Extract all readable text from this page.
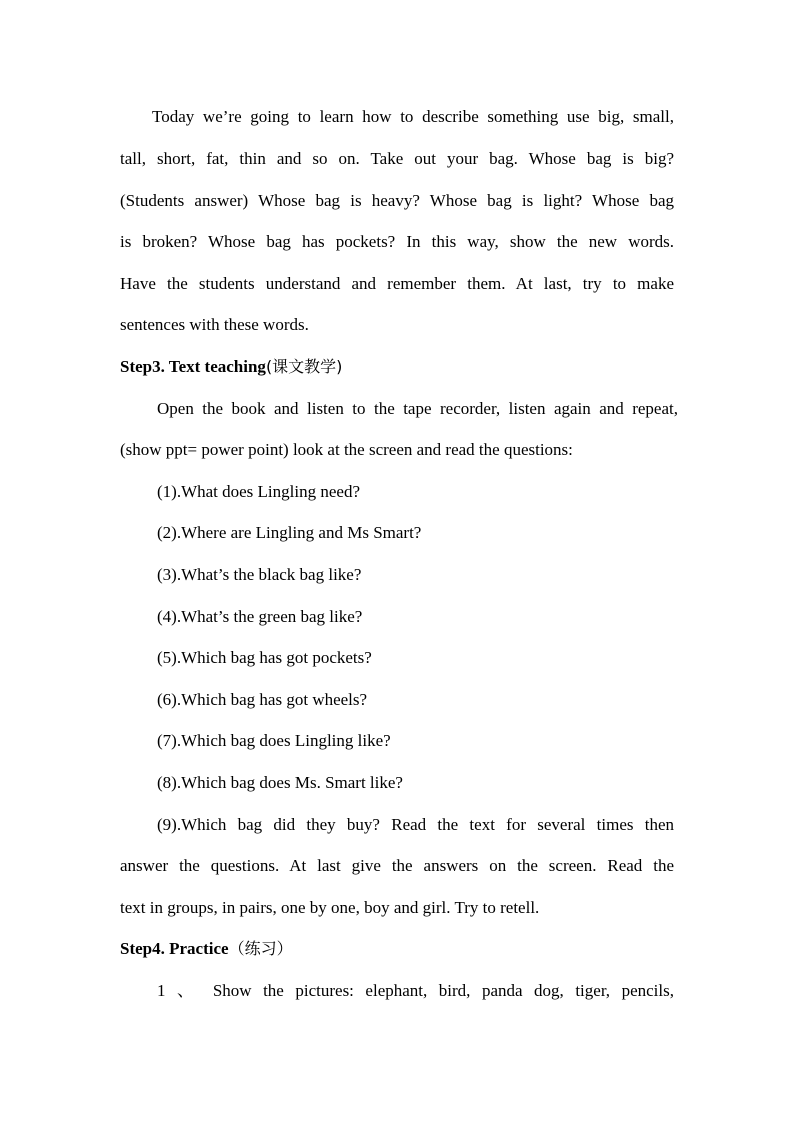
Today we’re going to learn how to describe something use big, small,
tall, short, fat, thin and so on. Take out your bag. Whose bag is big?
(Students answer) Whose bag is heavy? Whose bag is light? Whose bag
is broken? Whose bag has pockets? In this way, show the new words.
Have the students understand and remember them. At last, try to make
sentences with these words.
Step3. Text teaching(课文教学)
Open the book and listen to the tape recorder, listen again and repeat,
(show ppt= power point) look at the screen and read the questions:
(1).What does Lingling need?
(2).Where are Lingling and Ms Smart?
(3).What’s the black bag like?
(4).What’s the green bag like?
(5).Which bag has got pockets?
(6).Which bag has got wheels?
(7).Which bag does Lingling like?
(8).Which bag does Ms. Smart like?
(9).Which bag did they buy? Read the text for several times then
answer the questions. At last give the answers on the screen. Read the
text in groups, in pairs, one by one, boy and girl. Try to retell.
Step4. Practice（练习）
1 、 Show the pictures: elephant, bird, panda dog, tiger, pencils,
